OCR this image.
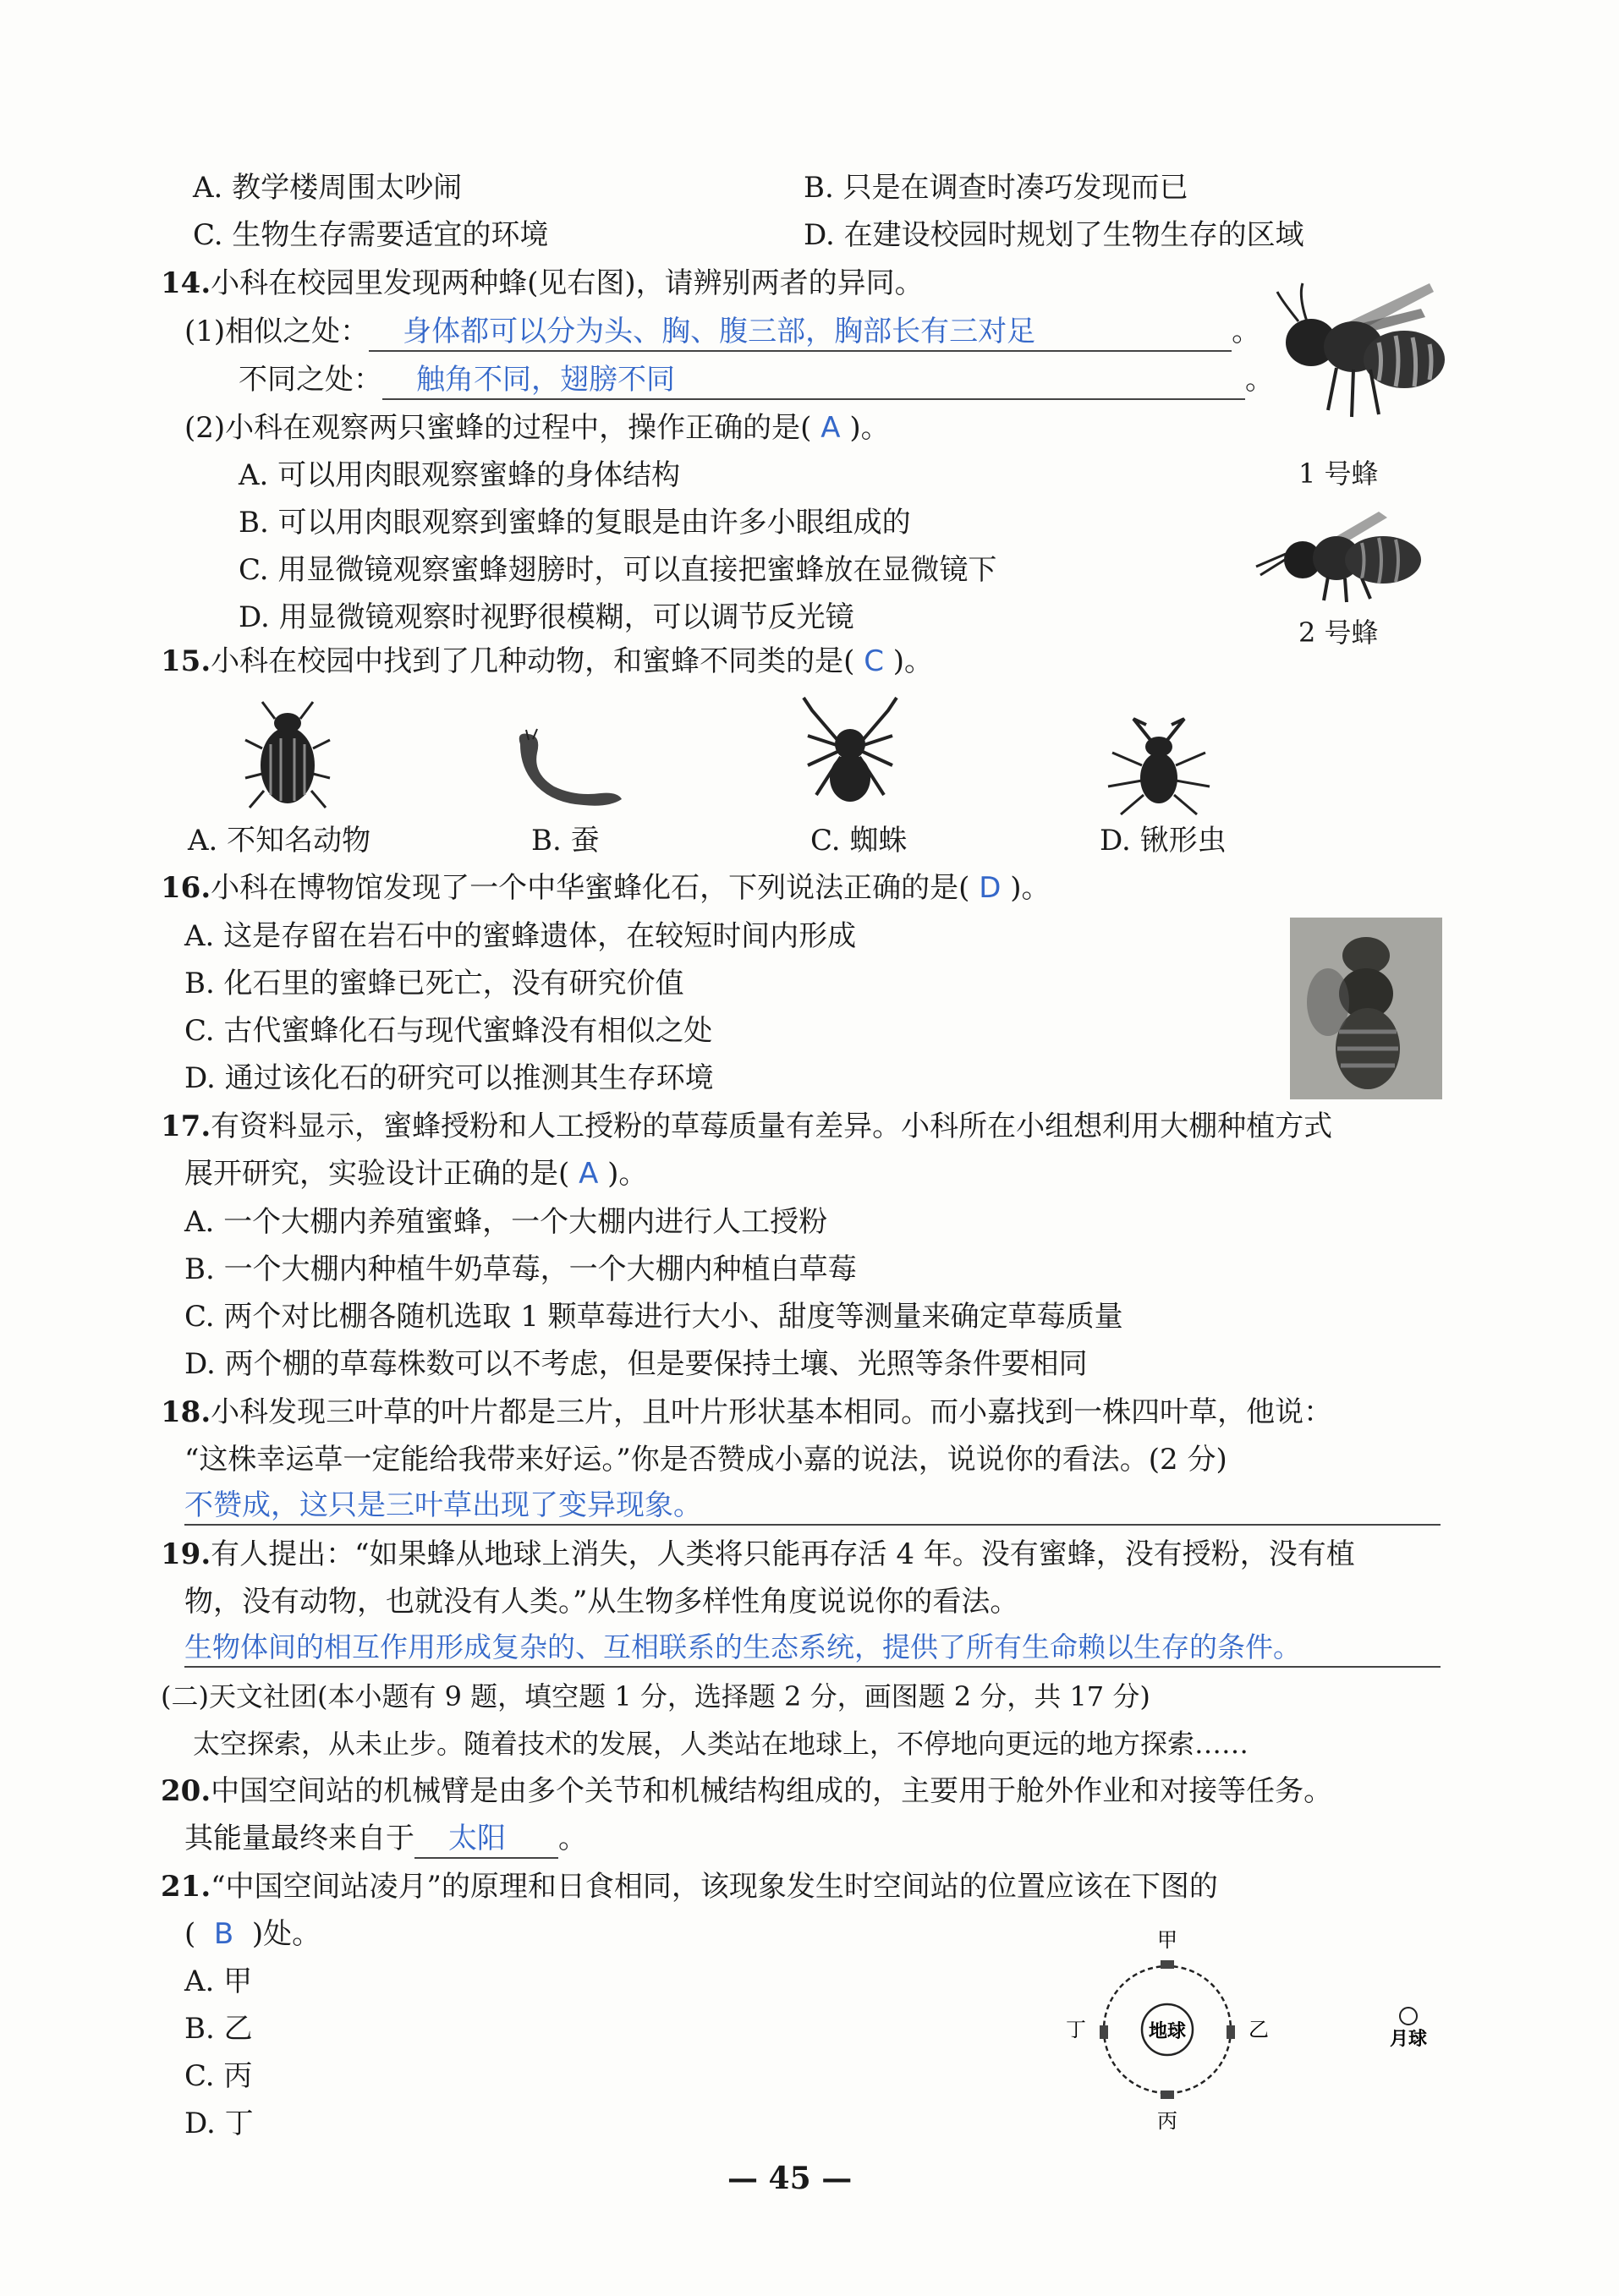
A. 教学楼周围太吵闹	B. 只是在调查时凑巧发现而已
C. 生物生存需要适宜的环境	D. 在建设校园时规划了生物生存的区域
14.小科在校园里发现两种蜂(见右图)，请辨别两者的异同。
(1)相似之处： 身体都可以分为头、胸、腹三部，胸部长有三对足	。
不同之处： 触角不同，翅膀不同	。
(2)小科在观察两只蜜蜂的过程中，操作正确的是( A )。
A. 可以用肉眼观察蜜蜂的身体结构
B. 可以用肉眼观察到蜜蜂的复眼是由许多小眼组成的
C. 用显微镜观察蜜蜂翅膀时，可以直接把蜜蜂放在显微镜下
D. 用显微镜观察时视野很模糊，可以调节反光镜
1 号蜂
2 号蜂
15.小科在校园中找到了几种动物，和蜜蜂不同类的是( C )。
A. 不知名动物	B. 蚕	C. 蜘蛛	D. 锹形虫
16.小科在博物馆发现了一个中华蜜蜂化石，下列说法正确的是( D )。
A. 这是存留在岩石中的蜜蜂遗体，在较短时间内形成
B. 化石里的蜜蜂已死亡，没有研究价值
C. 古代蜜蜂化石与现代蜜蜂没有相似之处
D. 通过该化石的研究可以推测其生存环境
17.有资料显示，蜜蜂授粉和人工授粉的草莓质量有差异。小科所在小组想利用大棚种植方式
展开研究，实验设计正确的是( A )。
A. 一个大棚内养殖蜜蜂，一个大棚内进行人工授粉
B. 一个大棚内种植牛奶草莓，一个大棚内种植白草莓
C. 两个对比棚各随机选取 1 颗草莓进行大小、甜度等测量来确定草莓质量
D. 两个棚的草莓株数可以不考虑，但是要保持土壤、光照等条件要相同
18.小科发现三叶草的叶片都是三片，且叶片形状基本相同。而小嘉找到一株四叶草，他说：
“这株幸运草一定能给我带来好运。”你是否赞成小嘉的说法，说说你的看法。(2 分)
不赞成，这只是三叶草出现了变异现象。
19.有人提出：“如果蜂从地球上消失，人类将只能再存活 4 年。没有蜜蜂，没有授粉，没有植
物，没有动物，也就没有人类。”从生物多样性角度说说你的看法。
生物体间的相互作用形成复杂的、互相联系的生态系统，提供了所有生命赖以生存的条件。
(二)天文社团(本小题有 9 题，填空题 1 分，选择题 2 分，画图题 2 分，共 17 分)
太空探索，从未止步。随着技术的发展，人类站在地球上，不停地向更远的地方探索……
20.中国空间站的机械臂是由多个关节和机械结构组成的，主要用于舱外作业和对接等任务。
其能量最终来自于 太阳 。
21.“中国空间站凌月”的原理和日食相同，该现象发生时空间站的位置应该在下图的
( B )处。
A. 甲
B. 乙
C. 丙
D. 丁
地球
甲
乙
丙
丁	月球
— 45 —
